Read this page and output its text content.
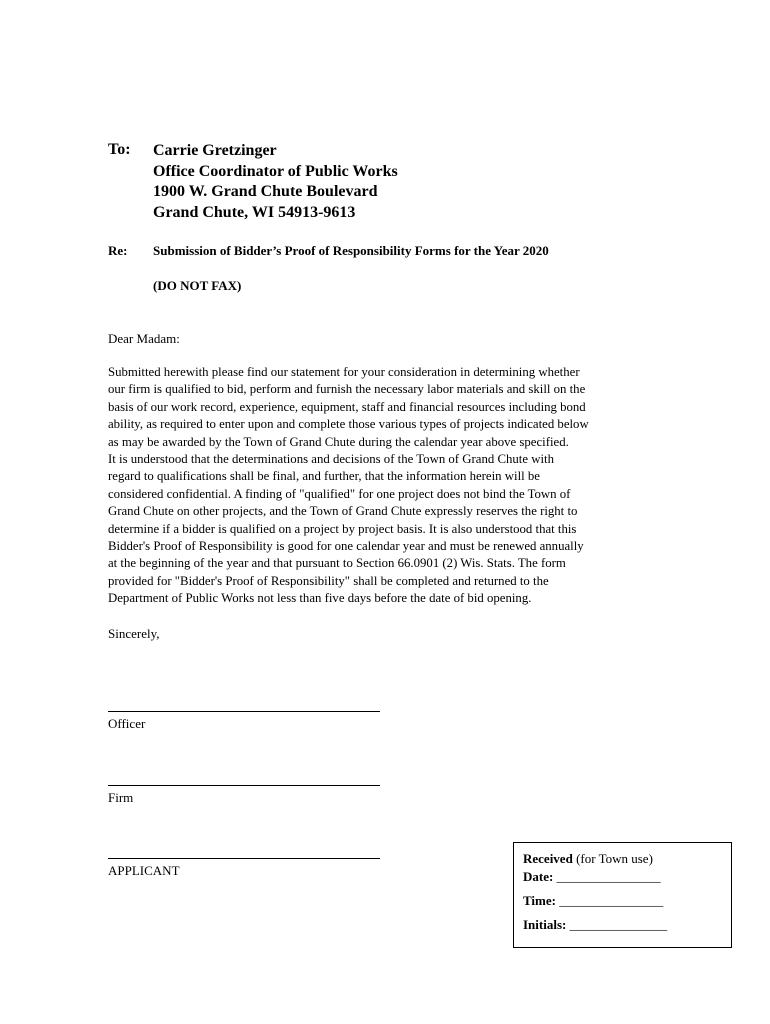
To: Carrie Gretzinger
Office Coordinator of Public Works
1900 W. Grand Chute Boulevard
Grand Chute, WI 54913-9613
Re: Submission of Bidder’s Proof of Responsibility Forms for the Year 2020
(DO NOT FAX)
Dear Madam:
Submitted herewith please find our statement for your consideration in determining whether
our firm is qualified to bid, perform and furnish the necessary labor materials and skill on the
basis of our work record, experience, equipment, staff and financial resources including bond
ability, as required to enter upon and complete those various types of projects indicated below
as may be awarded by the Town of Grand Chute during the calendar year above specified.
It is understood that the determinations and decisions of the Town of Grand Chute with
regard to qualifications shall be final, and further, that the information herein will be
considered confidential. A finding of "qualified" for one project does not bind the Town of
Grand Chute on other projects, and the Town of Grand Chute expressly reserves the right to
determine if a bidder is qualified on a project by project basis. It is also understood that this
Bidder's Proof of Responsibility is good for one calendar year and must be renewed annually
at the beginning of the year and that pursuant to Section 66.0901 (2) Wis. Stats. The form
provided for "Bidder's Proof of Responsibility" shall be completed and returned to the
Department of Public Works not less than five days before the date of bid opening.
Sincerely,
Officer
Firm
APPLICANT
Received (for Town use)
Date: ________________
Time: ________________
Initials: _______________
